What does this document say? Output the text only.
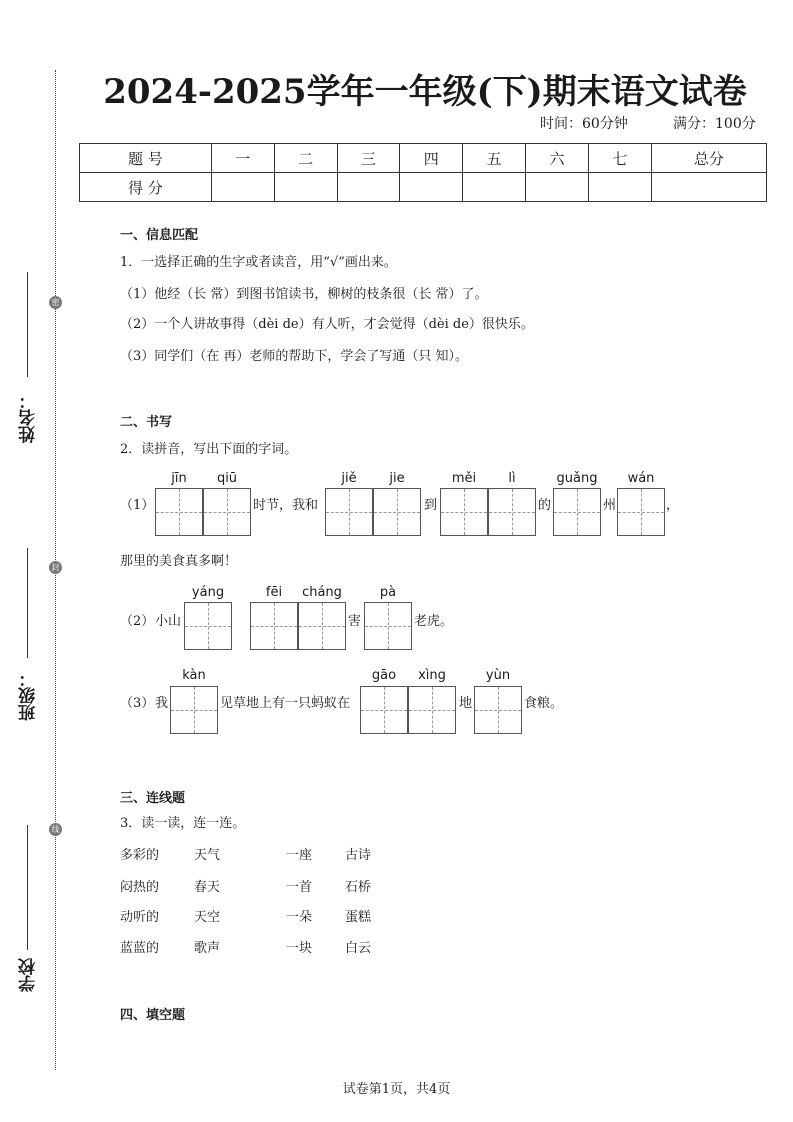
姓名：
班级：
学校
密
封
线
2024-2025学年一年级(下)期末语文试卷
时间：60分钟	满分：100分
题 号	一	二	三	四	五	六	七	总分
得 分								
一、信息匹配
1．一选择正确的生字或者读音，用“√”画出来。
（1）他经（长 常）到图书馆读书，柳树的枝条很（长 常）了。
（2）一个人讲故事得（dèi de）有人听，才会觉得（dèi de）很快乐。
（3）同学们（在 再）老师的帮助下，学会了写通（只 知）。
二、书写
2．读拼音，写出下面的字词。
（1）
jīn	qiū
时节，我和
jiě	jie
到
měi	lì
的
guǎng
州
wán
，
那里的美食真多啊！
（2） 小山
yáng	fēi	cháng
害
pà
老虎。
（3） 我
kàn
见草地上有一只蚂蚁在
gāo	xìng
地
yùn
食粮。
三、连线题
3．读一读，连一连。
多彩的	天气	一座	古诗
闷热的	春天	一首	石桥
动听的	天空	一朵	蛋糕
蓝蓝的	歌声	一块	白云
四、填空题
试卷第1页，共4页
